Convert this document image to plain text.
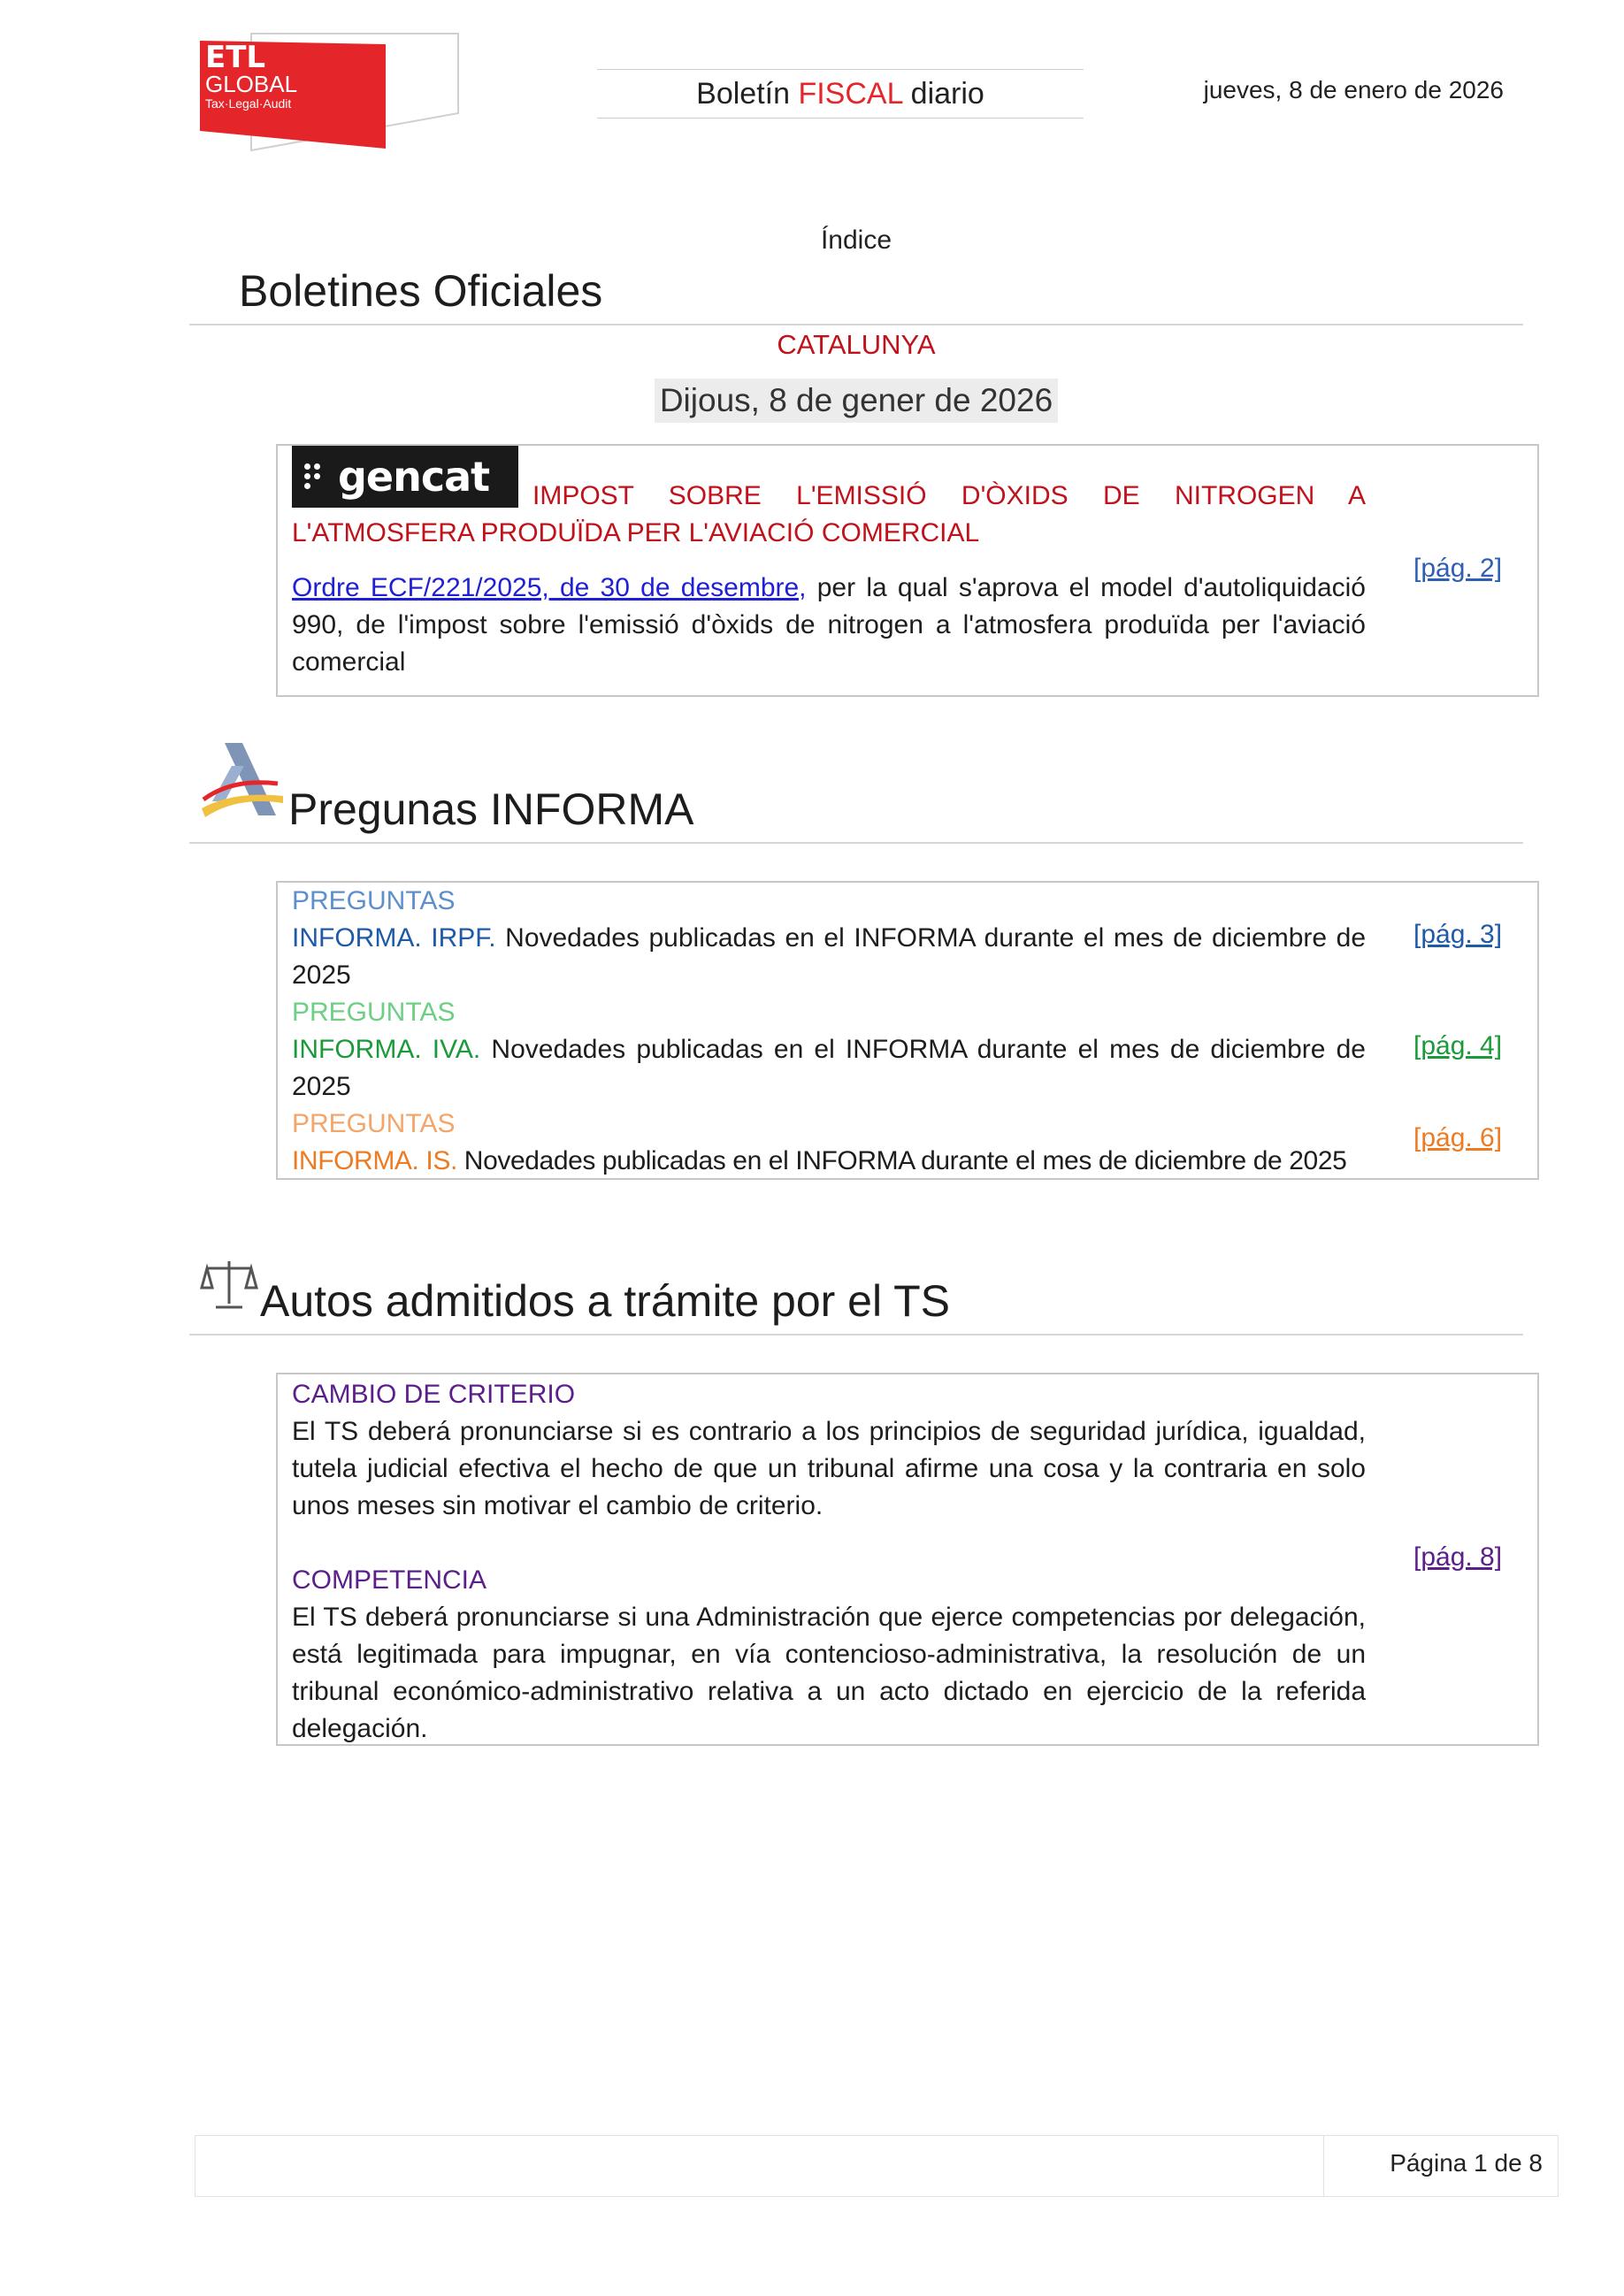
ETL
GLOBAL
Tax·Legal·Audit	Boletín FISCAL diario	jueves, 8 de enero de 2026
Índice
Boletines Oficiales
CATALUNYA
Dijous, 8 de gener de 2026
gencat	IMPOST SOBRE L'EMISSIÓ D'ÒXIDS DE NITROGEN A L'ATMOSFERA PRODUÏDA PER L'AVIACIÓ COMERCIAL
Ordre ECF/221/2025, de 30 de desembre, per la qual s'aprova el model d'autoliquidació 990, de l'impost sobre l'emissió d'òxids de nitrogen a l'atmosfera produïda per l'aviació comercial
[pág. 2]
Pregunas INFORMA
PREGUNTAS
INFORMA. IRPF. Novedades publicadas en el INFORMA durante el mes de diciembre de 2025
[pág. 3]
PREGUNTAS
INFORMA. IVA. Novedades publicadas en el INFORMA durante el mes de diciembre de 2025
[pág. 4]
PREGUNTAS
INFORMA. IS. Novedades publicadas en el INFORMA durante el mes de diciembre de 2025
[pág. 6]
Autos admitidos a trámite por el TS
CAMBIO DE CRITERIO
El TS deberá pronunciarse si es contrario a los principios de seguridad jurídica, igualdad, tutela judicial efectiva el hecho de que un tribunal afirme una cosa y la contraria en solo unos meses sin motivar el cambio de criterio.
COMPETENCIA
El TS deberá pronunciarse si una Administración que ejerce competencias por delegación, está legitimada para impugnar, en vía contencioso-administrativa, la resolución de un tribunal económico-administrativo relativa a un acto dictado en ejercicio de la referida delegación.
[pág. 8]
Página 1 de 8
